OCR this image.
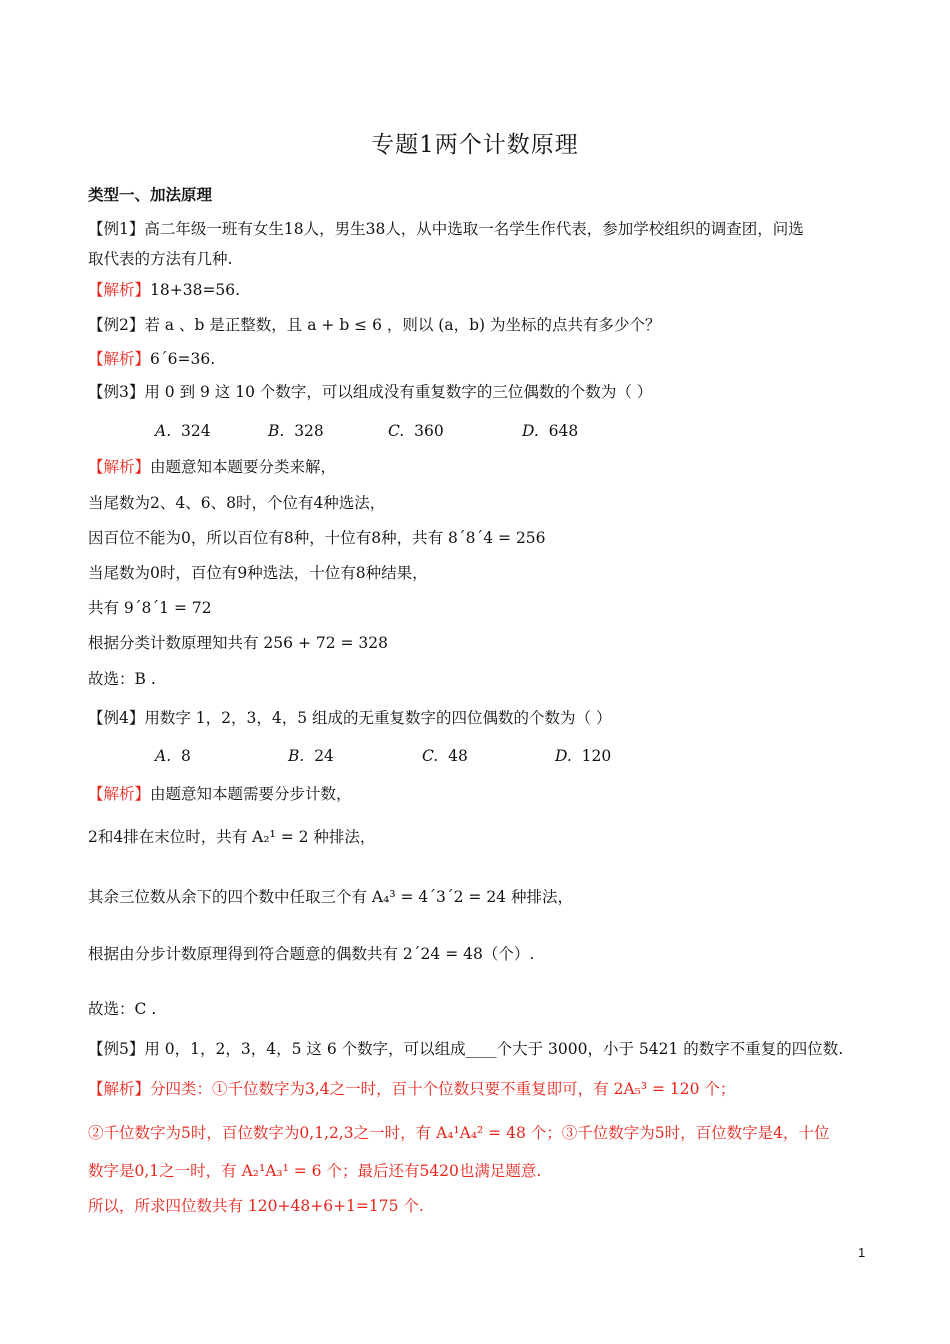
专题1两个计数原理
类型一、加法原理
【例1】高二年级一班有女生18人，男生38人，从中选取一名学生作代表，参加学校组织的调查团，问选
取代表的方法有几种.
【解析】18+38=56.
【例2】若 a 、b 是正整数，且 a + b ≤ 6 ，则以 (a，b) 为坐标的点共有多少个？
【解析】6´6=36.
【例3】用 0 到 9 这 10 个数字，可以组成没有重复数字的三位偶数的个数为（ ）
A. 324	B. 328	C. 360	D. 648
【解析】由题意知本题要分类来解，
当尾数为2、4、6、8时，个位有4种选法，
因百位不能为0，所以百位有8种，十位有8种，共有 8´8´4 = 256
当尾数为0时，百位有9种选法，十位有8种结果，
共有 9´8´1 = 72
根据分类计数原理知共有 256 + 72 = 328
故选：B .
【例4】用数字 1，2，3，4，5 组成的无重复数字的四位偶数的个数为（ ）
A. 8	B. 24	C. 48	D. 120
【解析】由题意知本题需要分步计数，
2和4排在末位时，共有 A₂¹ = 2 种排法，
其余三位数从余下的四个数中任取三个有 A₄³ = 4´3´2 = 24 种排法，
根据由分步计数原理得到符合题意的偶数共有 2´24 = 48（个）.
故选：C .
【例5】用 0，1，2，3，4，5 这 6 个数字，可以组成____个大于 3000，小于 5421 的数字不重复的四位数.
【解析】分四类：①千位数字为3,4之一时，百十个位数只要不重复即可，有 2A₅³ = 120 个；
②千位数字为5时，百位数字为0,1,2,3之一时，有 A₄¹A₄² = 48 个；③千位数字为5时，百位数字是4，十位
数字是0,1之一时，有 A₂¹A₃¹ = 6 个；最后还有5420也满足题意.
所以，所求四位数共有 120+48+6+1=175 个.
1
